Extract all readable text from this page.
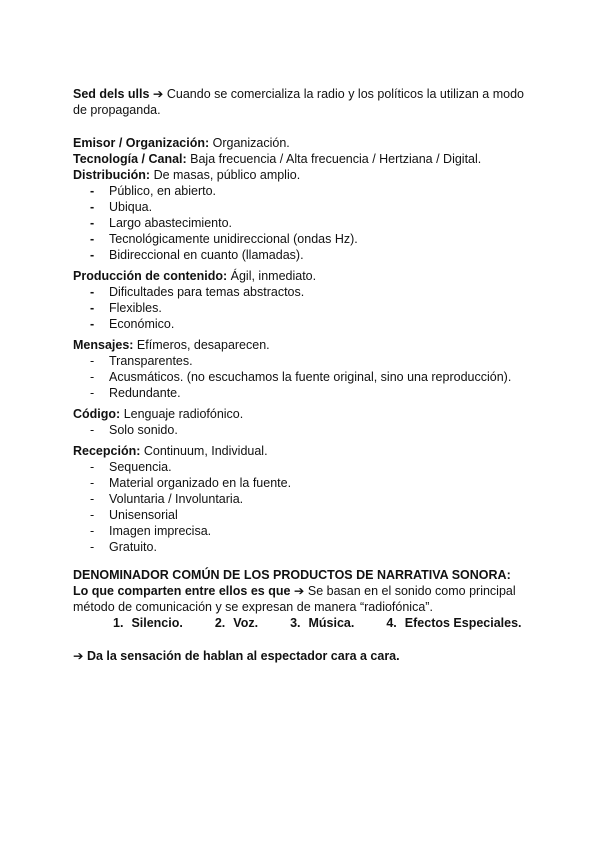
Sed dels ulls ➔ Cuando se comercializa la radio y los políticos la utilizan a modo de propaganda.

Emisor / Organización: Organización.

Tecnología / Canal: Baja frecuencia / Alta frecuencia / Hertziana / Digital.

Distribución: De masas, público amplio.

- Público, en abierto.
- Ubiqua.
- Largo abastecimiento.
- Tecnológicamente unidireccional (ondas Hz).
- Bidireccional en cuanto (llamadas).

Producción de contenido: Ágil, inmediato.

- Dificultades para temas abstractos.
- Flexibles.
- Económico.

Mensajes: Efímeros, desaparecen.

- Transparentes.
- Acusmáticos. (no escuchamos la fuente original, sino una reproducción).
- Redundante.

Código: Lenguaje radiofónico.

- Solo sonido.

Recepción: Continuum, Individual.

- Sequencia.
- Material organizado en la fuente.
- Voluntaria / Involuntaria.
- Unisensorial
- Imagen imprecisa.
- Gratuito.

DENOMINADOR COMÚN DE LOS PRODUCTOS DE NARRATIVA SONORA:

Lo que comparten entre ellos es que ➔ Se basan en el sonido como principal método de comunicación y se expresan de manera “radiofónica”.

1. Silencio.	2. Voz.	3. Música.	4. Efectos Especiales.

➔ Da la sensación de hablan al espectador cara a cara.
